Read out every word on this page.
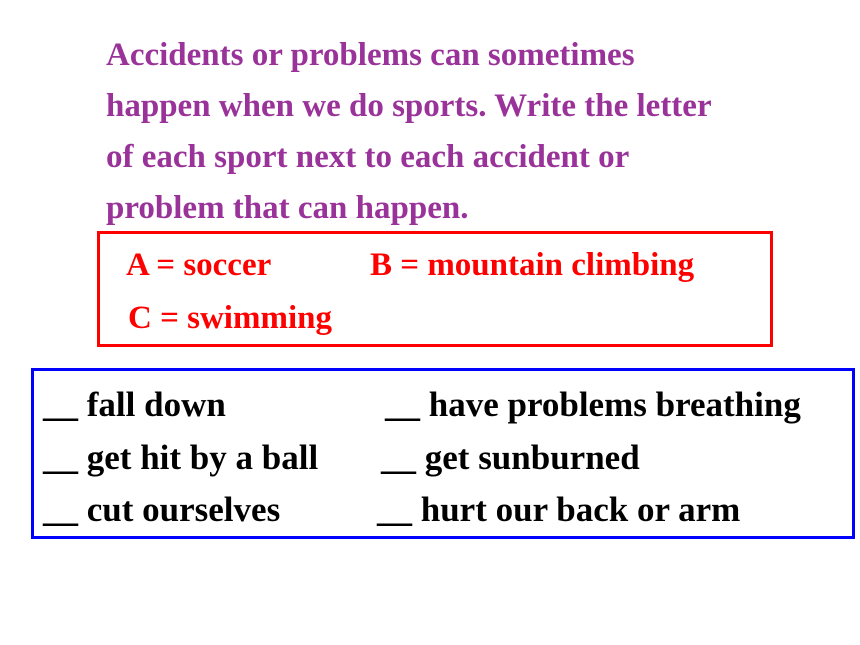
Accidents or problems can sometimes
happen when we do sports. Write the letter
of each sport next to each accident or
problem that can happen.
A = soccer	B = mountain climbing
C = swimming
__ fall down
__ get hit by a ball
__ cut ourselves
__ have problems breathing
__ get sunburned
__ hurt our back or arm
